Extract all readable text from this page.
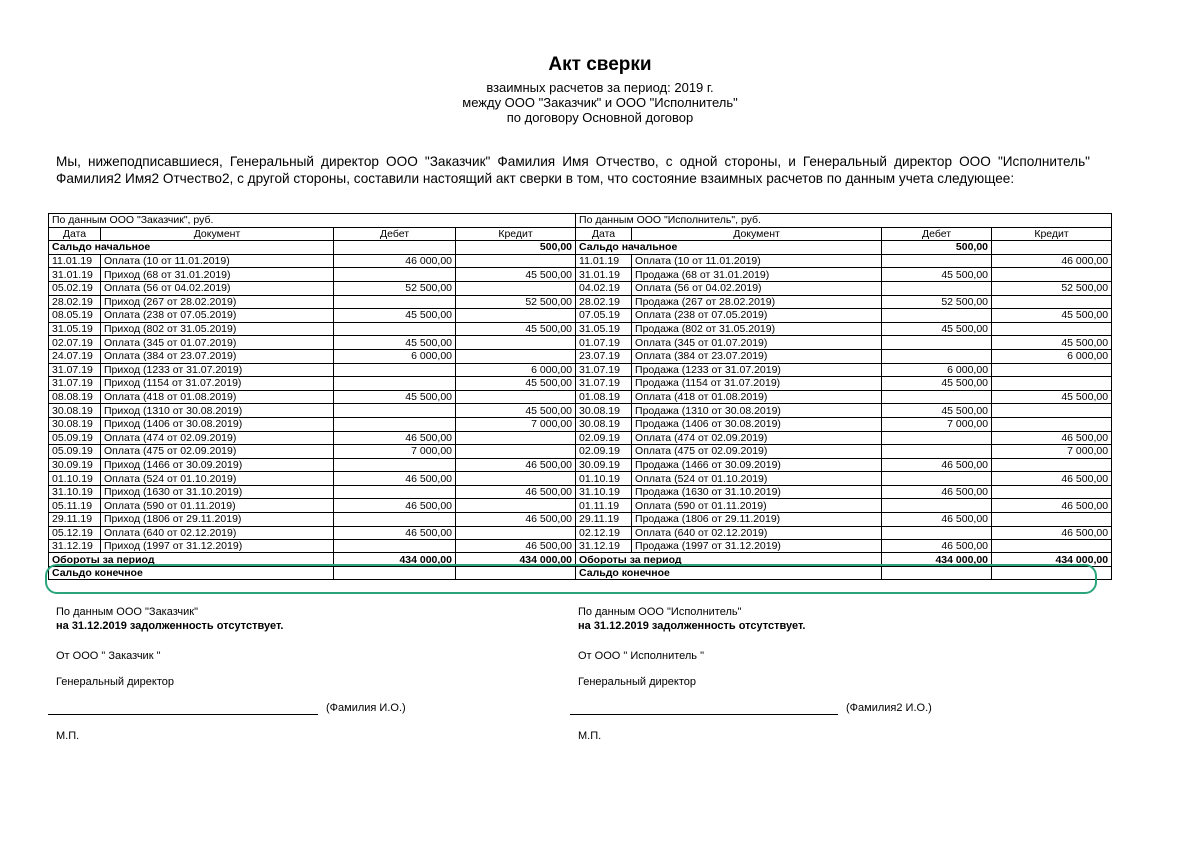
Акт сверки
взаимных расчетов за период: 2019 г.
между ООО "Заказчик" и ООО "Исполнитель"
по договору Основной договор
Мы, нижеподписавшиеся, Генеральный директор ООО "Заказчик" Фамилия Имя Отчество, с одной стороны, и Генеральный директор ООО "Исполнитель" Фамилия2 Имя2 Отчество2, с другой стороны, составили настоящий акт сверки в том, что состояние взаимных расчетов по данным учета следующее:
По данным ООО "Заказчик", руб.				По данным ООО "Исполнитель", руб.			
Дата	Документ	Дебет	Кредит	Дата	Документ	Дебет	Кредит
Сальдо начальное			500,00	Сальдо начальное		500,00	
11.01.19	Оплата (10 от 11.01.2019)	46 000,00		11.01.19	Оплата (10 от 11.01.2019)		46 000,00
31.01.19	Приход (68 от 31.01.2019)		45 500,00	31.01.19	Продажа (68 от 31.01.2019)	45 500,00	
05.02.19	Оплата (56 от 04.02.2019)	52 500,00		04.02.19	Оплата (56 от 04.02.2019)		52 500,00
28.02.19	Приход (267 от 28.02.2019)		52 500,00	28.02.19	Продажа (267 от 28.02.2019)	52 500,00	
08.05.19	Оплата (238 от 07.05.2019)	45 500,00		07.05.19	Оплата (238 от 07.05.2019)		45 500,00
31.05.19	Приход (802 от 31.05.2019)		45 500,00	31.05.19	Продажа (802 от 31.05.2019)	45 500,00	
02.07.19	Оплата (345 от 01.07.2019)	45 500,00		01.07.19	Оплата (345 от 01.07.2019)		45 500,00
24.07.19	Оплата (384 от 23.07.2019)	6 000,00		23.07.19	Оплата (384 от 23.07.2019)		6 000,00
31.07.19	Приход (1233 от 31.07.2019)		6 000,00	31.07.19	Продажа (1233 от 31.07.2019)	6 000,00	
31.07.19	Приход (1154 от 31.07.2019)		45 500,00	31.07.19	Продажа (1154 от 31.07.2019)	45 500,00	
08.08.19	Оплата (418 от 01.08.2019)	45 500,00		01.08.19	Оплата (418 от 01.08.2019)		45 500,00
30.08.19	Приход (1310 от 30.08.2019)		45 500,00	30.08.19	Продажа (1310 от 30.08.2019)	45 500,00	
30.08.19	Приход (1406 от 30.08.2019)		7 000,00	30.08.19	Продажа (1406 от 30.08.2019)	7 000,00	
05.09.19	Оплата (474 от 02.09.2019)	46 500,00		02.09.19	Оплата (474 от 02.09.2019)		46 500,00
05.09.19	Оплата (475 от 02.09.2019)	7 000,00		02.09.19	Оплата (475 от 02.09.2019)		7 000,00
30.09.19	Приход (1466 от 30.09.2019)		46 500,00	30.09.19	Продажа (1466 от 30.09.2019)	46 500,00	
01.10.19	Оплата (524 от 01.10.2019)	46 500,00		01.10.19	Оплата (524 от 01.10.2019)		46 500,00
31.10.19	Приход (1630 от 31.10.2019)		46 500,00	31.10.19	Продажа (1630 от 31.10.2019)	46 500,00	
05.11.19	Оплата (590 от 01.11.2019)	46 500,00		01.11.19	Оплата (590 от 01.11.2019)		46 500,00
29.11.19	Приход (1806 от 29.11.2019)		46 500,00	29.11.19	Продажа (1806 от 29.11.2019)	46 500,00	
05.12.19	Оплата (640 от 02.12.2019)	46 500,00		02.12.19	Оплата (640 от 02.12.2019)		46 500,00
31.12.19	Приход (1997 от 31.12.2019)		46 500,00	31.12.19	Продажа (1997 от 31.12.2019)	46 500,00	
Обороты за период		434 000,00	434 000,00	Обороты за период		434 000,00	434 000,00
Сальдо конечное				Сальдо конечное			
По данным ООО "Заказчик"
на 31.12.2019 задолженность отсутствует.
От ООО " Заказчик "
Генеральный директор
(Фамилия И.О.)
М.П.
По данным ООО "Исполнитель"
на 31.12.2019 задолженность отсутствует.
От ООО " Исполнитель "
Генеральный директор
(Фамилия2 И.О.)
М.П.
